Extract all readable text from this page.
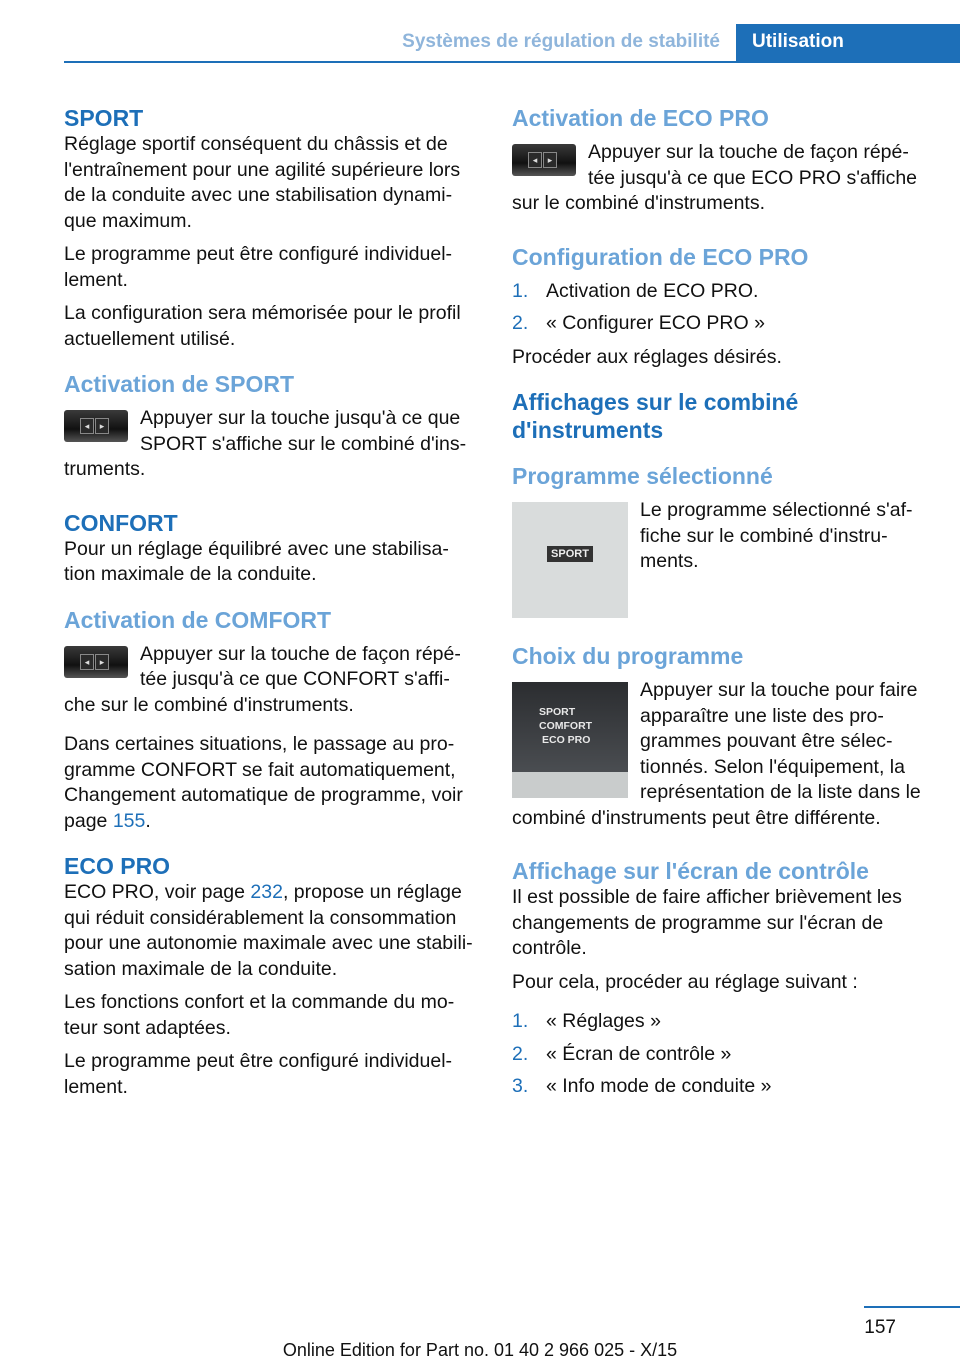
Systèmes de régulation de stabilité	Utilisation
SPORT

Réglage sportif conséquent du châssis et de l'entraînement pour une agilité supérieure lors de la conduite avec une stabilisation dynami-que maximum.

Le programme peut être configuré individuel-lement.

La configuration sera mémorisée pour le profil actuellement utilisé.

Activation de SPORT
◂	▸	Appuyer sur la touche jusqu'à ce que SPORT s'affiche sur le combiné d'ins-truments.

CONFORT

Pour un réglage équilibré avec une stabilisa-tion maximale de la conduite.

Activation de COMFORT
◂	▸	Appuyer sur la touche de façon répé-tée jusqu'à ce que CONFORT s'affi-che sur le combiné d'instruments.

Dans certaines situations, le passage au pro-gramme CONFORT se fait automatiquement, Changement automatique de programme, voir page 155.

ECO PRO

ECO PRO, voir page 232, propose un réglage qui réduit considérablement la consommation pour une autonomie maximale avec une stabili-sation maximale de la conduite.

Les fonctions confort et la commande du mo-teur sont adaptées.

Le programme peut être configuré individuel-lement.

Activation de ECO PRO
◂	▸	Appuyer sur la touche de façon répé-tée jusqu'à ce que ECO PRO s'affiche sur le combiné d'instruments.

Configuration de ECO PRO
1. Activation de ECO PRO.
2. « Configurer ECO PRO »

Procéder aux réglages désirés.

Affichages sur le combiné d'instruments
Programme sélectionné
SPORT

Le programme sélectionné s'af-fiche sur le combiné d'instru-ments.

Choix du programme
SPORT
COMFORT
ECO PRO

Appuyer sur la touche pour faire apparaître une liste des pro-grammes pouvant être sélec-tionnés. Selon l'équipement, la représentation de la liste dans le combiné d'instruments peut être différente.

Affichage sur l'écran de contrôle

Il est possible de faire afficher brièvement les changements de programme sur l'écran de contrôle.

Pour cela, procéder au réglage suivant :

1. « Réglages »
2. « Écran de contrôle »
3. « Info mode de conduite »
157
Online Edition for Part no. 01 40 2 966 025 - X/15
